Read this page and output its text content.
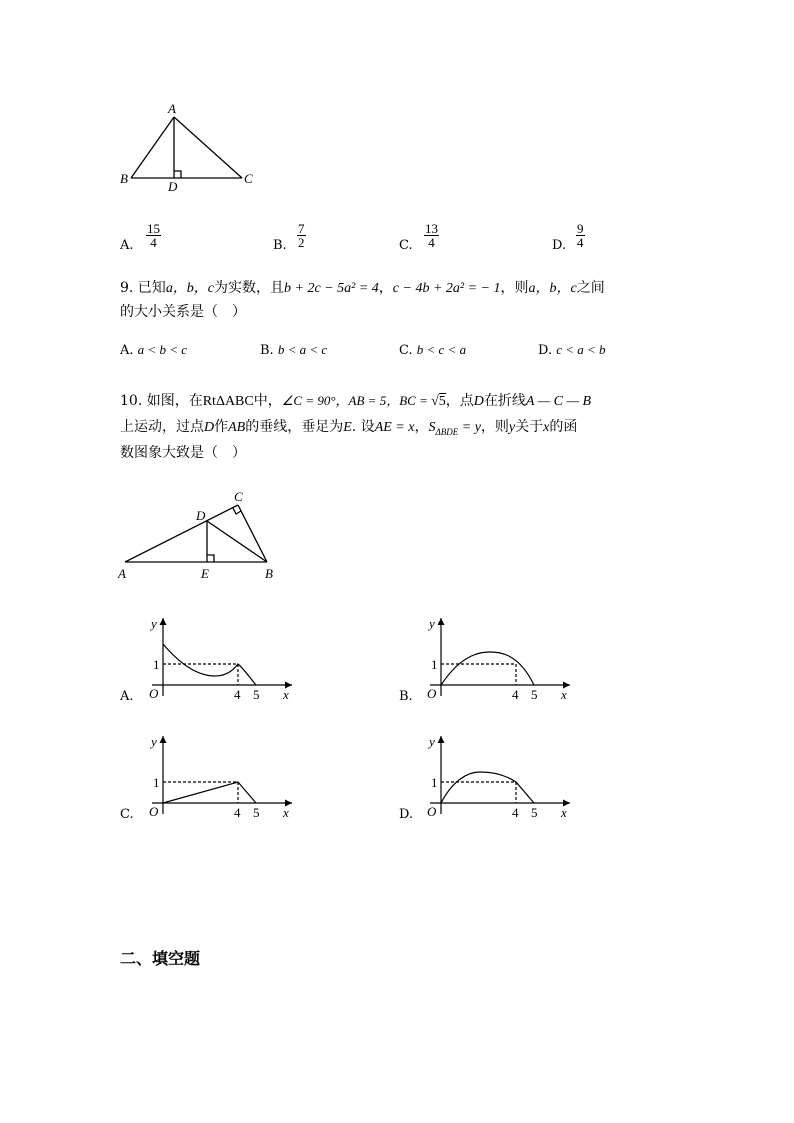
A
B	C
D
A. $\frac{15}{4}$	B. $\frac{7}{2}$	C. $\frac{13}{4}$	D. $\frac{9}{4}$
9. 已知a，b，c为实数，且b + 2c − 5a² = 4，c − 4b + 2a² = − 1，则a，b，c之间
的大小关系是（　）
A. a < b < c	B. b < a < c	C. b < c < a	D. c < a < b
10. 如图，在RtΔABC中，∠C = 90°，AB = 5，BC = √5，点D在折线A — C — B
上运动，过点D作AB的垂线，垂足为E. 设AE = x，$S_{\Delta BDE} = y$，则y关于x的函
数图象大致是（　）
A	E	B
D
C
y
1
O	4 5 x
A.
y
1
O	4 5 x
B.
y
1
O	4 5 x
C.
y
1
O	4 5 x
D.
二、填空题
